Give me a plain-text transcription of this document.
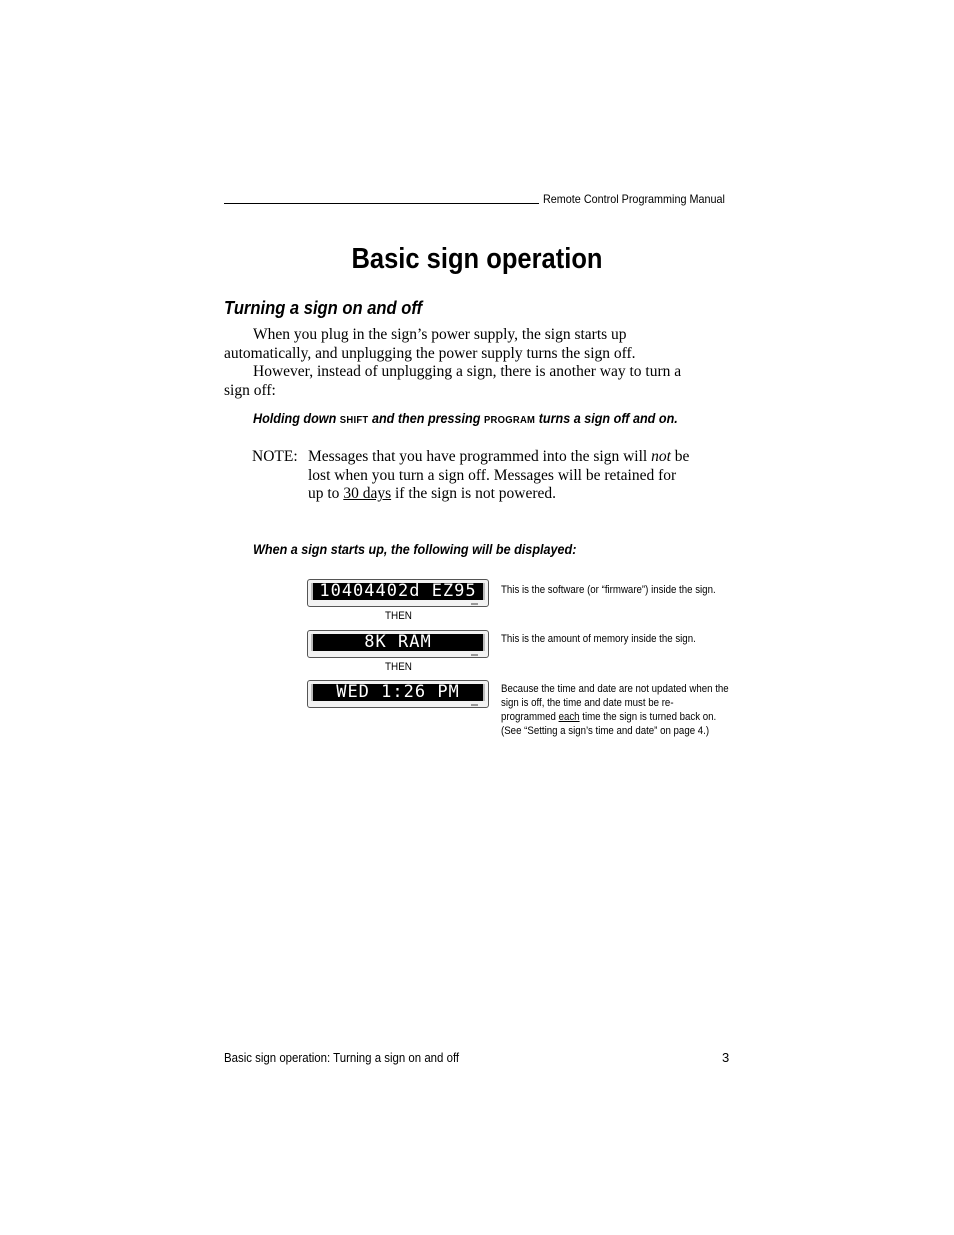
Remote Control Programming Manual
Basic sign operation
Turning a sign on and off
When you plug in the sign’s power supply, the sign starts up
automatically, and unplugging the power supply turns the sign off.
However, instead of unplugging a sign, there is another way to turn a
sign off:
Holding down SHIFT and then pressing PROGRAM turns a sign off and on.
NOTE: Messages that you have programmed into the sign will not be
lost when you turn a sign off. Messages will be retained for
up to 30 days if the sign is not powered.
When a sign starts up, the following will be displayed:
10404402d EZ95
THEN
8K RAM
THEN
WED 1:26 PM
This is the software (or “firmware”) inside the sign.
This is the amount of memory inside the sign.
Because the time and date are not updated when the
sign is off, the time and date must be re-
programmed each time the sign is turned back on.
(See “Setting a sign’s time and date” on page 4.)
Basic sign operation: Turning a sign on and off	3
